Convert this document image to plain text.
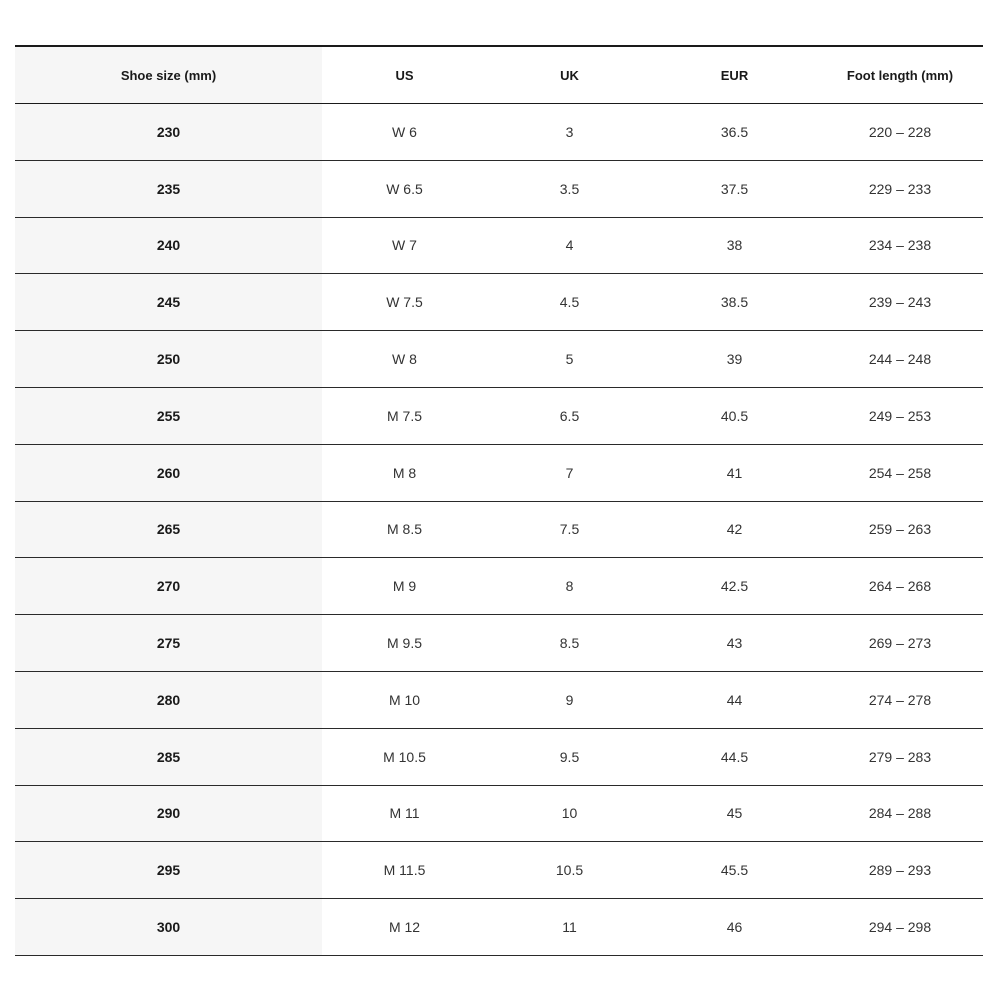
Shoe size (mm)	US	UK	EUR	Foot length (mm)
230	W 6	3	36.5	220 – 228
235	W 6.5	3.5	37.5	229 – 233
240	W 7	4	38	234 – 238
245	W 7.5	4.5	38.5	239 – 243
250	W 8	5	39	244 – 248
255	M 7.5	6.5	40.5	249 – 253
260	M 8	7	41	254 – 258
265	M 8.5	7.5	42	259 – 263
270	M 9	8	42.5	264 – 268
275	M 9.5	8.5	43	269 – 273
280	M 10	9	44	274 – 278
285	M 10.5	9.5	44.5	279 – 283
290	M 11	10	45	284 – 288
295	M 11.5	10.5	45.5	289 – 293
300	M 12	11	46	294 – 298
